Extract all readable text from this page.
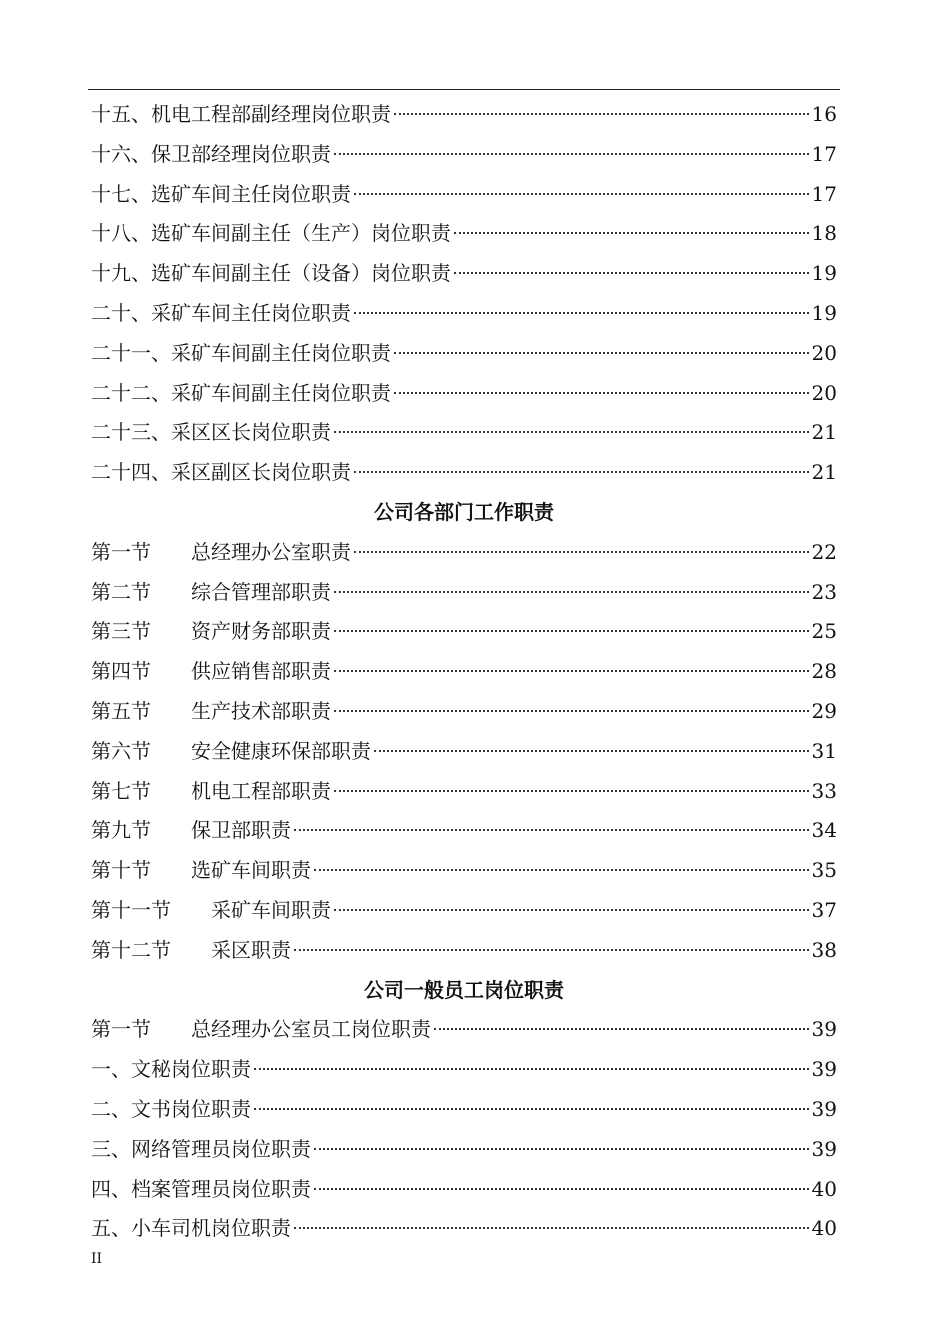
十五、机电工程部副经理岗位职责	16
十六、保卫部经理岗位职责	17
十七、选矿车间主任岗位职责	17
十八、选矿车间副主任（生产）岗位职责	18
十九、选矿车间副主任（设备）岗位职责	19
二十、采矿车间主任岗位职责	19
二十一、采矿车间副主任岗位职责	20
二十二、采矿车间副主任岗位职责	20
二十三、采区区长岗位职责	21
二十四、采区副区长岗位职责	21
公司各部门工作职责
第一节　　总经理办公室职责	22
第二节　　综合管理部职责	23
第三节　　资产财务部职责	25
第四节　　供应销售部职责	28
第五节　　生产技术部职责	29
第六节　　安全健康环保部职责	31
第七节　　机电工程部职责	33
第九节　　保卫部职责	34
第十节　　选矿车间职责	35
第十一节　　采矿车间职责	37
第十二节　　采区职责	38
公司一般员工岗位职责
第一节　　总经理办公室员工岗位职责	39
一、文秘岗位职责	39
二、文书岗位职责	39
三、网络管理员岗位职责	39
四、档案管理员岗位职责	40
五、小车司机岗位职责	40
II
